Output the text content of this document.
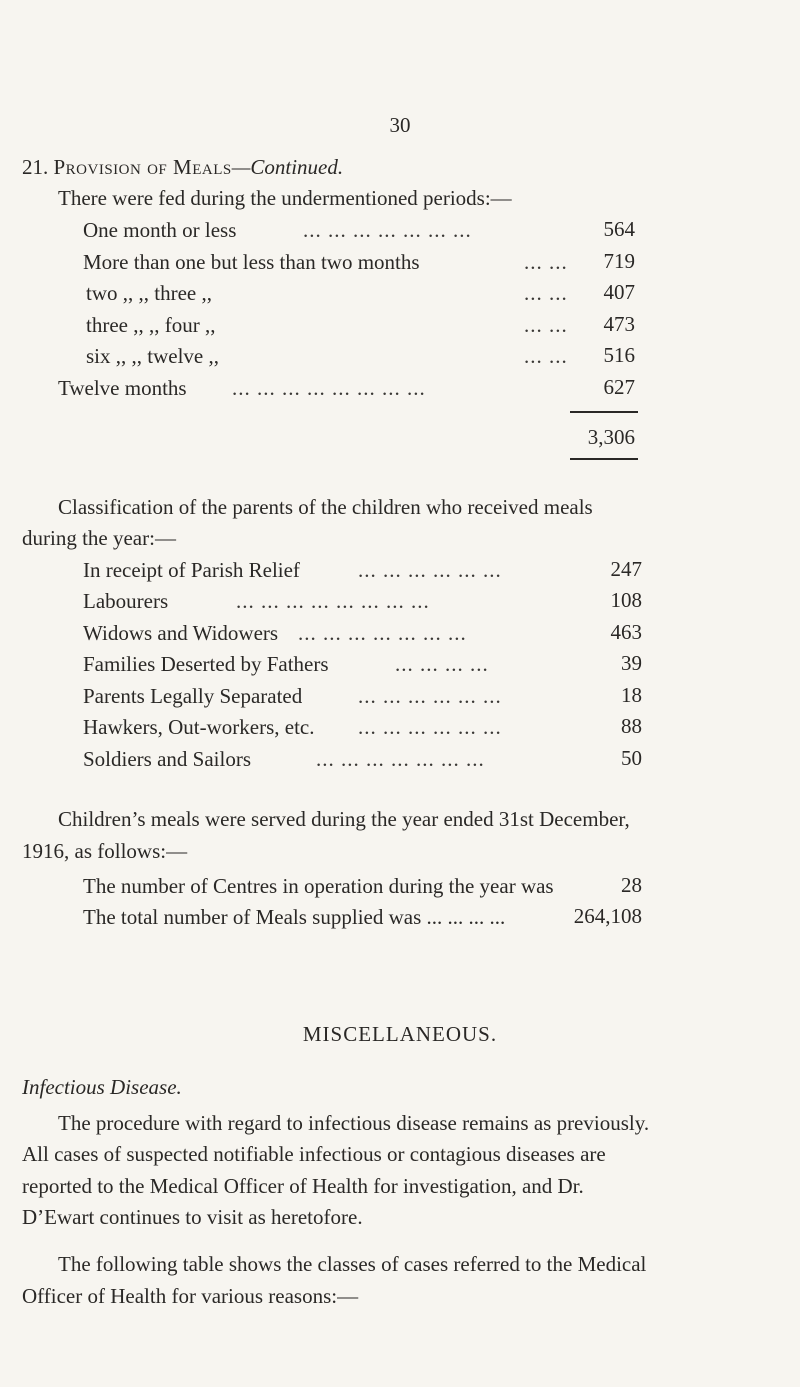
30
21. Provision of Meals—Continued.
There were fed during the undermentioned periods:—
One month or less	... ... ... ... ... ... ...	564
More than one but less than two months	... ...	719
two ,, ,, three ,,	... ...	407
three ,, ,, four ,,	... ...	473
six ,, ,, twelve ,,	... ...	516
Twelve months ... ... ... ... ... ... ... ...	627
3,306
Classification of the parents of the children who received meals
during the year:—
In receipt of Parish Relief	... ... ... ... ... ...	247
Labourers	... ... ... ... ... ... ... ...	108
Widows and Widowers ... ... ... ... ... ... ...	463
Families Deserted by Fathers	... ... ... ...	39
Parents Legally Separated	... ... ... ... ... ...	18
Hawkers, Out-workers, etc. ... ... ... ... ... ...	88
Soldiers and Sailors	... ... ... ... ... ... ...	50
Children’s meals were served during the year ended 31st December,
1916, as follows:—
The number of Centres in operation during the year was	28
The total number of Meals supplied was ... ... ... ...	264,108
MISCELLANEOUS.
Infectious Disease.
The procedure with regard to infectious disease remains as previously.
All cases of suspected notifiable infectious or contagious diseases are
reported to the Medical Officer of Health for investigation, and Dr.
D’Ewart continues to visit as heretofore.
The following table shows the classes of cases referred to the Medical
Officer of Health for various reasons:—
